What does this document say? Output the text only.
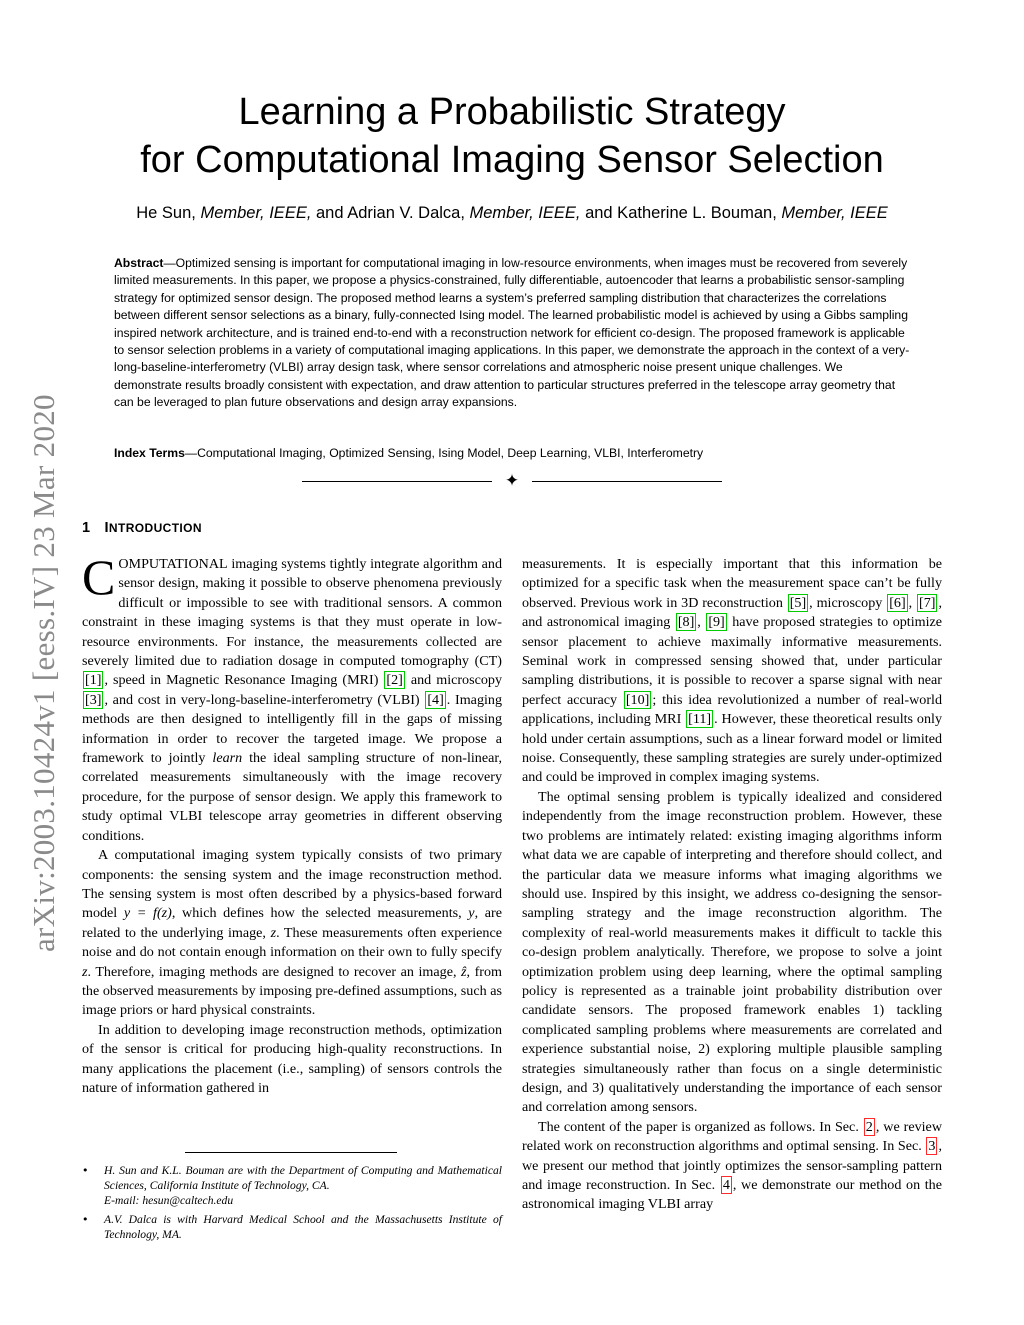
arXiv:2003.10424v1 [eess.IV] 23 Mar 2020
Learning a Probabilistic Strategy
for Computational Imaging Sensor Selection
He Sun, Member, IEEE, and Adrian V. Dalca, Member, IEEE, and Katherine L. Bouman, Member, IEEE

Abstract—Optimized sensing is important for computational imaging in low-resource environments, when images must be recovered from severely limited measurements. In this paper, we propose a physics-constrained, fully differentiable, autoencoder that learns a probabilistic sensor-sampling strategy for optimized sensor design. The proposed method learns a system’s preferred sampling distribution that characterizes the correlations between different sensor selections as a binary, fully-connected Ising model. The learned probabilistic model is achieved by using a Gibbs sampling inspired network architecture, and is trained end-to-end with a reconstruction network for efficient co-design. The proposed framework is applicable to sensor selection problems in a variety of computational imaging applications. In this paper, we demonstrate the approach in the context of a very-long-baseline-interferometry (VLBI) array design task, where sensor correlations and atmospheric noise present unique challenges. We demonstrate results broadly consistent with expectation, and draw attention to particular structures preferred in the telescope array geometry that can be leveraged to plan future observations and design array expansions.

Index Terms—Computational Imaging, Optimized Sensing, Ising Model, Deep Learning, VLBI, Interferometry
✦
1 INTRODUCTION

COMPUTATIONAL imaging systems tightly integrate algorithm and sensor design, making it possible to observe phenomena previously difficult or impossible to see with traditional sensors. A common constraint in these imaging systems is that they must operate in low-resource environments. For instance, the measurements collected are severely limited due to radiation dosage in computed tomography (CT) [1] , speed in Magnetic Resonance Imaging (MRI) [2] and microscopy [3] , and cost in very-long-baseline-interferometry (VLBI) [4] . Imaging methods are then designed to intelligently fill in the gaps of missing information in order to recover the targeted image. We propose a framework to jointly learn the ideal sampling structure of non-linear, correlated measurements simultaneously with the image recovery procedure, for the purpose of sensor design. We apply this framework to study optimal VLBI telescope array geometries in different observing conditions.

A computational imaging system typically consists of two primary components: the sensing system and the image reconstruction method. The sensing system is most often described by a physics-based forward model y = f(z), which defines how the selected measurements, y, are related to the underlying image, z. These measurements often experience noise and do not contain enough information on their own to fully specify z. Therefore, imaging methods are designed to recover an image, ẑ, from the observed measurements by imposing pre-defined assumptions, such as image priors or hard physical constraints.

In addition to developing image reconstruction methods, optimization of the sensor is critical for producing high-quality reconstructions. In many applications the placement (i.e., sampling) of sensors controls the nature of information gathered in

measurements. It is especially important that this information be optimized for a specific task when the measurement space can’t be fully observed. Previous work in 3D reconstruction [5] , microscopy [6] , [7] , and astronomical imaging [8] , [9] have proposed strategies to optimize sensor placement to achieve maximally informative measurements. Seminal work in compressed sensing showed that, under particular sampling distributions, it is possible to recover a sparse signal with near perfect accuracy [10] ; this idea revolutionized a number of real-world applications, including MRI [11] . However, these theoretical results only hold under certain assumptions, such as a linear forward model or limited noise. Consequently, these sampling strategies are surely under-optimized and could be improved in complex imaging systems.

The optimal sensing problem is typically idealized and considered independently from the image reconstruction problem. However, these two problems are intimately related: existing imaging algorithms inform what data we are capable of interpreting and therefore should collect, and the particular data we measure informs what imaging algorithms we should use. Inspired by this insight, we address co-designing the sensor-sampling strategy and the image reconstruction algorithm. The complexity of real-world measurements makes it difficult to tackle this co-design problem analytically. Therefore, we propose to solve a joint optimization problem using deep learning, where the optimal sampling policy is represented as a trainable joint probability distribution over candidate sensors. The proposed framework enables 1) tackling complicated sampling problems where measurements are correlated and experience substantial noise, 2) exploring multiple plausible sampling strategies simultaneously rather than focus on a single deterministic design, and 3) qualitatively understanding the importance of each sensor and correlation among sensors.

The content of the paper is organized as follows. In Sec. 2 , we review related work on reconstruction algorithms and optimal sensing. In Sec. 3 , we present our method that jointly optimizes the sensor-sampling pattern and image reconstruction. In Sec. 4 , we demonstrate our method on the astronomical imaging VLBI array

• H. Sun and K.L. Bouman are with the Department of Computing and Mathematical Sciences, California Institute of Technology, CA.
E-mail: hesun@caltech.edu
• A.V. Dalca is with Harvard Medical School and the Massachusetts Institute of Technology, MA.
